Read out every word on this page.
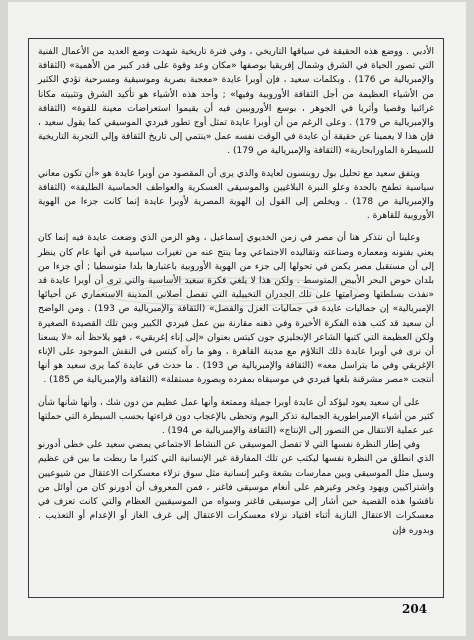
الأدبي . ووضع هذه الحقيقة في سياقها التاريخي ، وفي فترة تاريخية شهدت وضع العديد من الأعمال الفنية التي تصور الحياة في الشرق وشمال إفريقيا بوصفها «مكان وعد وقوة على قدر كبير من الأهمية» (الثقافة والإمبريالية ص 176) . وبكلمات سعيد ، فإن أوبرا عايدة «معجبة بصرية وموسيقية ومسرحية تؤدي الكثير من الأشياء العظيمة من أجل الثقافة الأوروبية وفيها» ; وأحد هذه الأشياء هو تأكيد الشرق وتثبيته مكانا غرائبيا وقصيا وأثريا في الجوهر ، بوسع الأوروبيين فيه أن يقيموا استعراضات معينة للقوة» (الثقافة والإمبريالية ص 179) . وعلى الرغم من أن أوبرا عايدة تمثل أوج تطور فيردي الموسيقي كما يقول سعيد ، فإن هذا لا يعمينا عن حقيقة أن عايدة في الوقت نفسه عمل «ينتمي إلى تاريخ الثقافة وإلى التجربة التاريخية للسيطرة الماورابحارية» (الثقافة والإمبريالية ص 179) .

ويتفق سعيد مع تحليل بول روبنسون لعايدة والذي يرى أن المقصود من أوبرا عايدة هو «أن تكون معاني سياسية تطفح بالحدة وعلو النبرة البلاغيين والموسيقى العسكرية والعواطف الحماسية الطليقة» (الثقافة والإمبريالية ص 178) . ويخلص إلى القول إن الهوية المصرية لأوبرا عايدة إنما كانت جزءا من الهوية الأوروبية للقاهرة .

وعلينا أن نتذكر هنا أن مصر في زمن الخديوي إسماعيل ، وهو الزمن الذي وضعت عايدة فيه إنما كان يعني بفنونه ومعماره وصناعته وتقاليده الاجتماعي وما ينتج عنه من تغيرات سياسية في أنها عام كان ينظر إلى أن مستقبل مصر يكمن في تحولها إلى جزء من الهوية الأوروبية باعتبارها بلدا متوسطيا ; أي جزءا من بلدان حوض البحر الأبيض المتوسط . ولكن هذا لا يلغي فكرة سعيد الأساسية والتي ترى أن أوبرا عايدة قد «نفذت بسلطتها وصرامتها على تلك الجدران التخييلية التي تفصل أصلاني المدينة الاستعماري عن أحيائها الإمبريالية» إن جماليات عايدة في جماليات العزل والفصل» (الثقافة والإمبريالية ص 193) . ومن الواضح أن سعيد قد كتب هذه الفكرة الأخيرة وفي ذهنه مقارنة بين عمل فيردي الكبير وبين تلك القصيدة الصغيرة ولكن العظيمة التي كتبها الشاعر الإنجليزي جون كيتس بعنوان «إلى إناء إغريقي» ، فهو يلاحظ أنه «لا يسعنا أن نرى في أوبرا عايدة ذلك التلاؤم مع مدينة القاهرة ، وهو ما رآه كيتس في النقش الموجود على الإناء الإغريقي وفي ما يتراسل معه» (الثقافة والإمبريالية ص 193) . ما حدث في عايدة كما يرى سعيد هو أنها أنتجت «مصر مشرقنة بلغها فيردي في موسيقاه بمفرده وبصورة مستقلة» (الثقافة والإمبريالية ص 185) .

على أن سعيد يعود ليؤكد أن عايدة أوبرا جميلة وممتعة وأنها عمل عظيم من دون شك ، وأنها شأنها شأن كثير من أشياء الإمبراطورية الجمالية تذكر اليوم وتحظى بالإعجاب دون قراءتها بحسب السيطرة التي حملتها عبر عملية الانتقال من التصور إلى الإنتاج» (الثقافة والإمبريالية ص 194) .

وفي إطار النظرة نفسها التي لا تفصل الموسيقى عن النشاط الاجتماعي يمضي سعيد على خطى أدورنو الذي انطلق من النظرة نفسها ليكتب عن تلك المفارقة غير الإنسانية التي كثيرا ما ربطت ما بين فن عظيم وسيل مثل الموسيقى وبين ممارسات بشعة وغير إنسانية مثل سوق نزلاء معسكرات الاعتقال من شيوعيين واشتراكيين ويهود وغجر وغيرهم على أنغام موسيقى فاغنر ، فمن المعروف أن أدورنو كان من أوائل من ناقشوا هذه القضية حين أشار إلى موسيقى فاغنر وسواه من الموسيقيين العظام والتي كانت تعزف في معسكرات الاعتقال النازية أثناء اقتياد نزلاء معسكرات الاعتقال إلى غرف الغاز أو الإعدام أو التعذيب . وبدوره فإن

204
